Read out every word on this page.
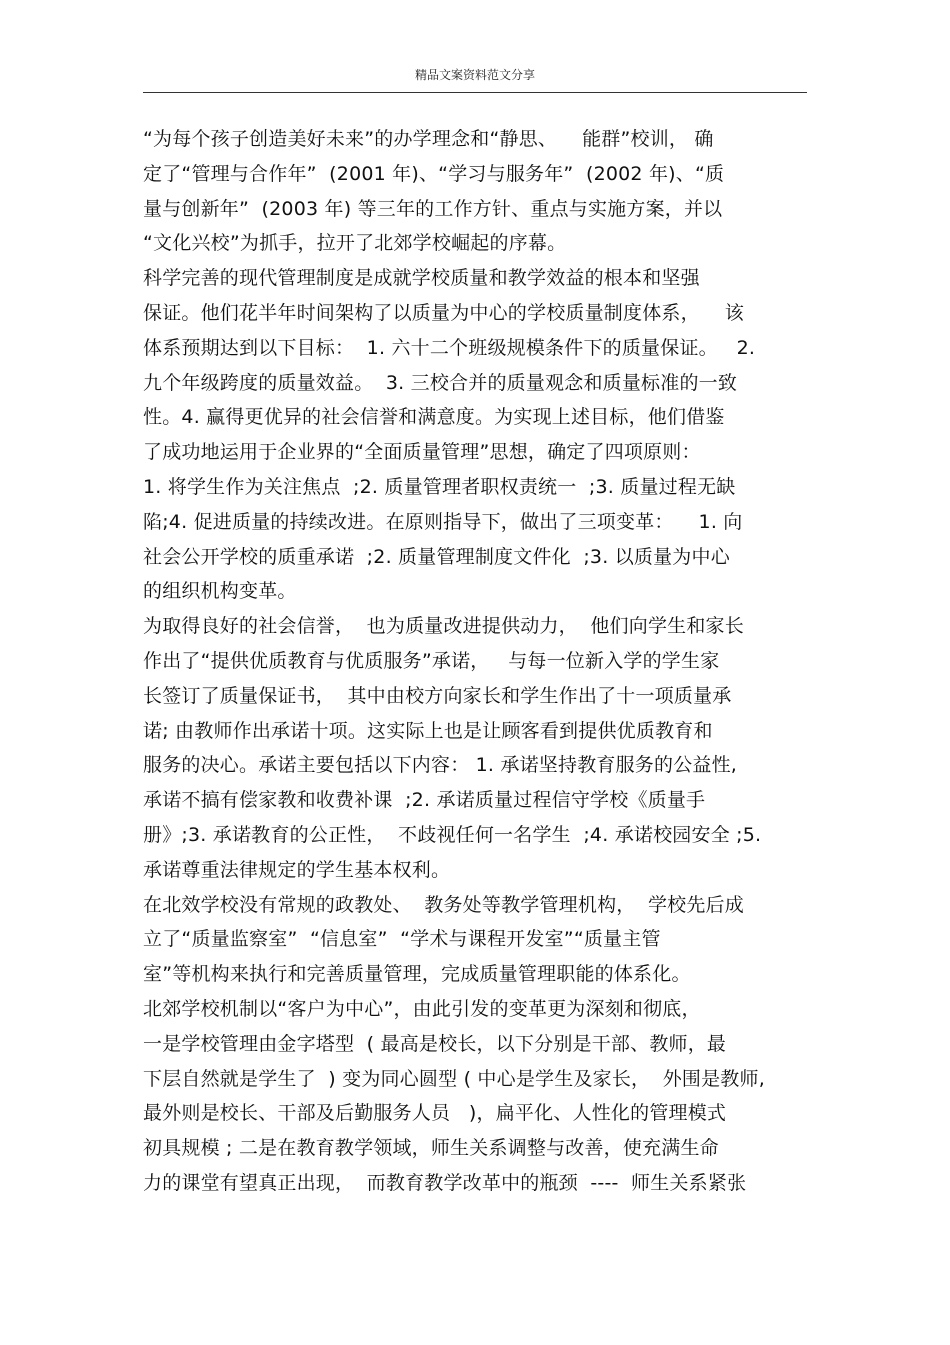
精品文案资料范文分享
“为每个孩子创造美好未来”的办学理念和“静思、    能群”校训， 确
定了“管理与合作年”  (2001 年)、“学习与服务年”  (2002 年)、“质
量与创新年”  (2003 年) 等三年的工作方针、重点与实施方案，并以
“文化兴校”为抓手，拉开了北郊学校崛起的序幕。
科学完善的现代管理制度是成就学校质量和教学效益的根本和坚强
保证。他们花半年时间架构了以质量为中心的学校质量制度体系，    该
体系预期达到以下目标：  1. 六十二个班级规模条件下的质量保证。   2.
九个年级跨度的质量效益。  3. 三校合并的质量观念和质量标准的一致
性。4. 赢得更优异的社会信誉和满意度。为实现上述目标，他们借鉴
了成功地运用于企业界的“全面质量管理”思想，确定了四项原则：
1. 将学生作为关注焦点  ;2. 质量管理者职权责统一  ;3. 质量过程无缺
陷;4. 促进质量的持续改进。在原则指导下，做出了三项变革：    1. 向
社会公开学校的质重承诺  ;2. 质量管理制度文件化  ;3. 以质量为中心
的组织机构变革。
为取得良好的社会信誉，  也为质量改进提供动力，  他们向学生和家长
作出了“提供优质教育与优质服务”承诺，   与每一位新入学的学生家
长签订了质量保证书，  其中由校方向家长和学生作出了十一项质量承
诺; 由教师作出承诺十项。这实际上也是让顾客看到提供优质教育和
服务的决心。承诺主要包括以下内容： 1. 承诺坚持教育服务的公益性,
承诺不搞有偿家教和收费补课  ;2. 承诺质量过程信守学校《质量手
册》;3. 承诺教育的公正性，  不歧视任何一名学生  ;4. 承诺校园安全 ;5.
承诺尊重法律规定的学生基本权利。
在北效学校没有常规的政教处、  教务处等教学管理机构，  学校先后成
立了“质量监察室”  “信息室”  “学术与课程开发室”“质量主管
室”等机构来执行和完善质量管理，完成质量管理职能的体系化。
北郊学校机制以“客户为中心”，由此引发的变革更为深刻和彻底，
一是学校管理由金字塔型  ( 最高是校长，以下分别是干部、教师，最
下层自然就是学生了  ) 变为同心圆型 ( 中心是学生及家长，  外围是教师,
最外则是校长、干部及后勤服务人员   )，扁平化、人性化的管理模式
初具规模 ; 二是在教育教学领域，师生关系调整与改善，使充满生命
力的课堂有望真正出现，  而教育教学改革中的瓶颈  ----  师生关系紧张
